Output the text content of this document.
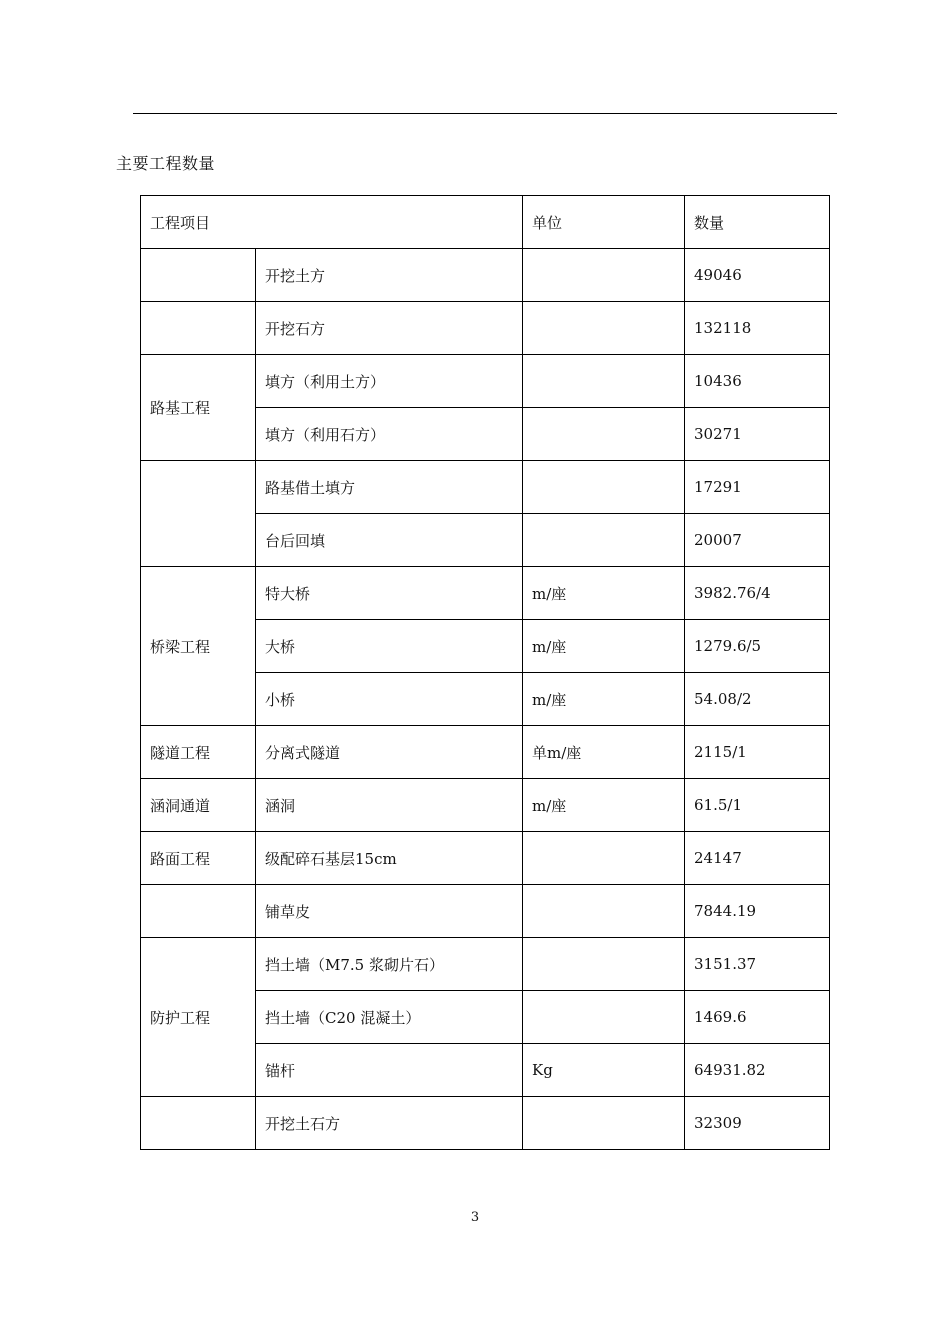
主要工程数量
工程项目		单位	数量
	开挖土方		49046
	开挖石方		132118
路基工程	填方（利用土方）		10436
	填方（利用石方）		30271
	路基借土填方		17291
	台后回填		20007
桥梁工程	特大桥	m/座	3982.76/4
	大桥	m/座	1279.6/5
	小桥	m/座	54.08/2
隧道工程	分离式隧道	单m/座	2115/1
涵洞通道	涵洞	m/座	61.5/1
路面工程	级配碎石基层15cm		24147
	铺草皮		7844.19
防护工程	挡土墙（M7.5 浆砌片石）		3151.37
	挡土墙（C20 混凝土）		1469.6
	锚杆	Kg	64931.82
	开挖土石方		32309
3
